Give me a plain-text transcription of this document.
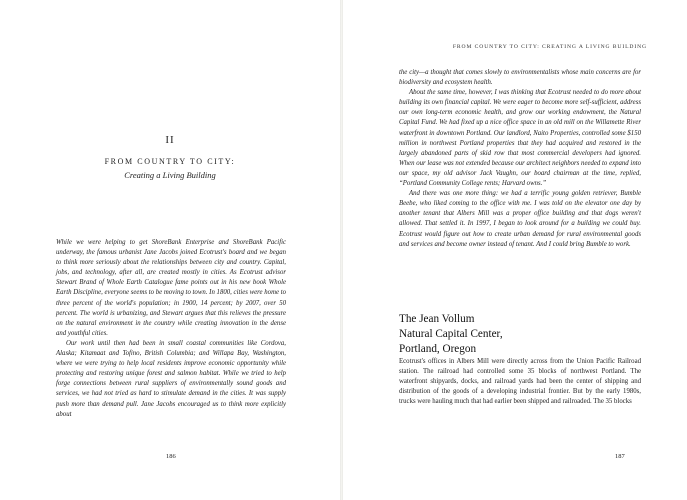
II
FROM COUNTRY TO CITY:
Creating a Living Building

While we were helping to get ShoreBank Enterprise and ShoreBank Pacific underway, the famous urbanist Jane Jacobs joined Ecotrust's board and we began to think more seriously about the relationships between city and country. Capital, jobs, and technology, after all, are created mostly in cities. As Ecotrust advisor Stewart Brand of Whole Earth Catalogue fame points out in his new book Whole Earth Discipline, everyone seems to be moving to town. In 1800, cities were home to three percent of the world's population; in 1900, 14 percent; by 2007, over 50 percent. The world is urbanizing, and Stewart argues that this relieves the pressure on the natural environment in the country while creating innovation in the dense and youthful cities.

Our work until then had been in small coastal communities like Cordova, Alaska; Kitamaat and Tofino, British Columbia; and Willapa Bay, Washington, where we were trying to help local residents improve economic opportunity while protecting and restoring unique forest and salmon habitat. While we tried to help forge connections between rural suppliers of environmentally sound goods and services, we had not tried as hard to stimulate demand in the cities. It was supply push more than demand pull. Jane Jacobs encouraged us to think more explicitly about

186
FROM COUNTRY TO CITY: CREATING A LIVING BUILDING

the city—a thought that comes slowly to environmentalists whose main concerns are for biodiversity and ecosystem health.

About the same time, however, I was thinking that Ecotrust needed to do more about building its own financial capital. We were eager to become more self-sufficient, address our own long-term economic health, and grow our working endowment, the Natural Capital Fund. We had fixed up a nice office space in an old mill on the Willamette River waterfront in downtown Portland. Our landlord, Naito Properties, controlled some $150 million in northwest Portland properties that they had acquired and restored in the largely abandoned parts of skid row that most commercial developers had ignored. When our lease was not extended because our architect neighbors needed to expand into our space, my old advisor Jack Vaughn, our board chairman at the time, replied, “Portland Community College rents; Harvard owns.”

And there was one more thing: we had a terrific young golden retriever, Bumble Beebe, who liked coming to the office with me. I was told on the elevator one day by another tenant that Albers Mill was a proper office building and that dogs weren't allowed. That settled it. In 1997, I began to look around for a building we could buy. Ecotrust would figure out how to create urban demand for rural environmental goods and services and become owner instead of tenant. And I could bring Bumble to work.

The Jean Vollum
Natural Capital Center,
Portland, Oregon

Ecotrust's offices in Albers Mill were directly across from the Union Pacific Railroad station. The railroad had controlled some 35 blocks of northwest Portland. The waterfront shipyards, docks, and railroad yards had been the center of shipping and distribution of the goods of a developing industrial frontier. But by the early 1980s, trucks were hauling much that had earlier been shipped and railroaded. The 35 blocks

187
